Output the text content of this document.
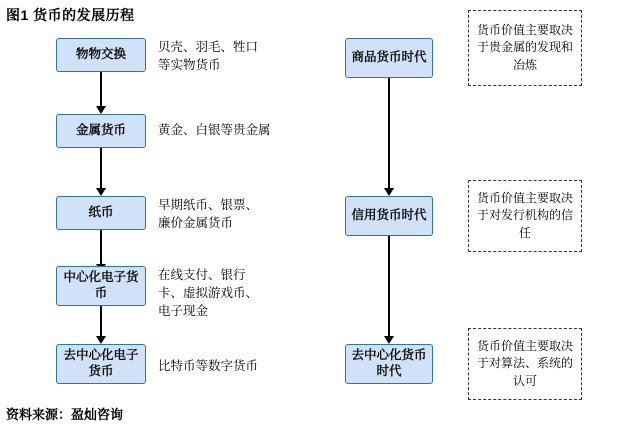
图1 货币的发展历程
物物交换
贝壳、羽毛、牲口等实物货币
金属货币	黄金、白银等贵金属
纸币
早期纸币、银票、廉价金属货币
中心化电子货币
在线支付、银行卡、虚拟游戏币、电子现金
去中心化电子货币	比特币等数字货币
商品货币时代
信用货币时代
去中心化货币时代
货币价值主要取决于贵金属的发现和冶炼
货币价值主要取决于对发行机构的信任
货币价值主要取决于对算法、系统的认可
资料来源：盈灿咨询
